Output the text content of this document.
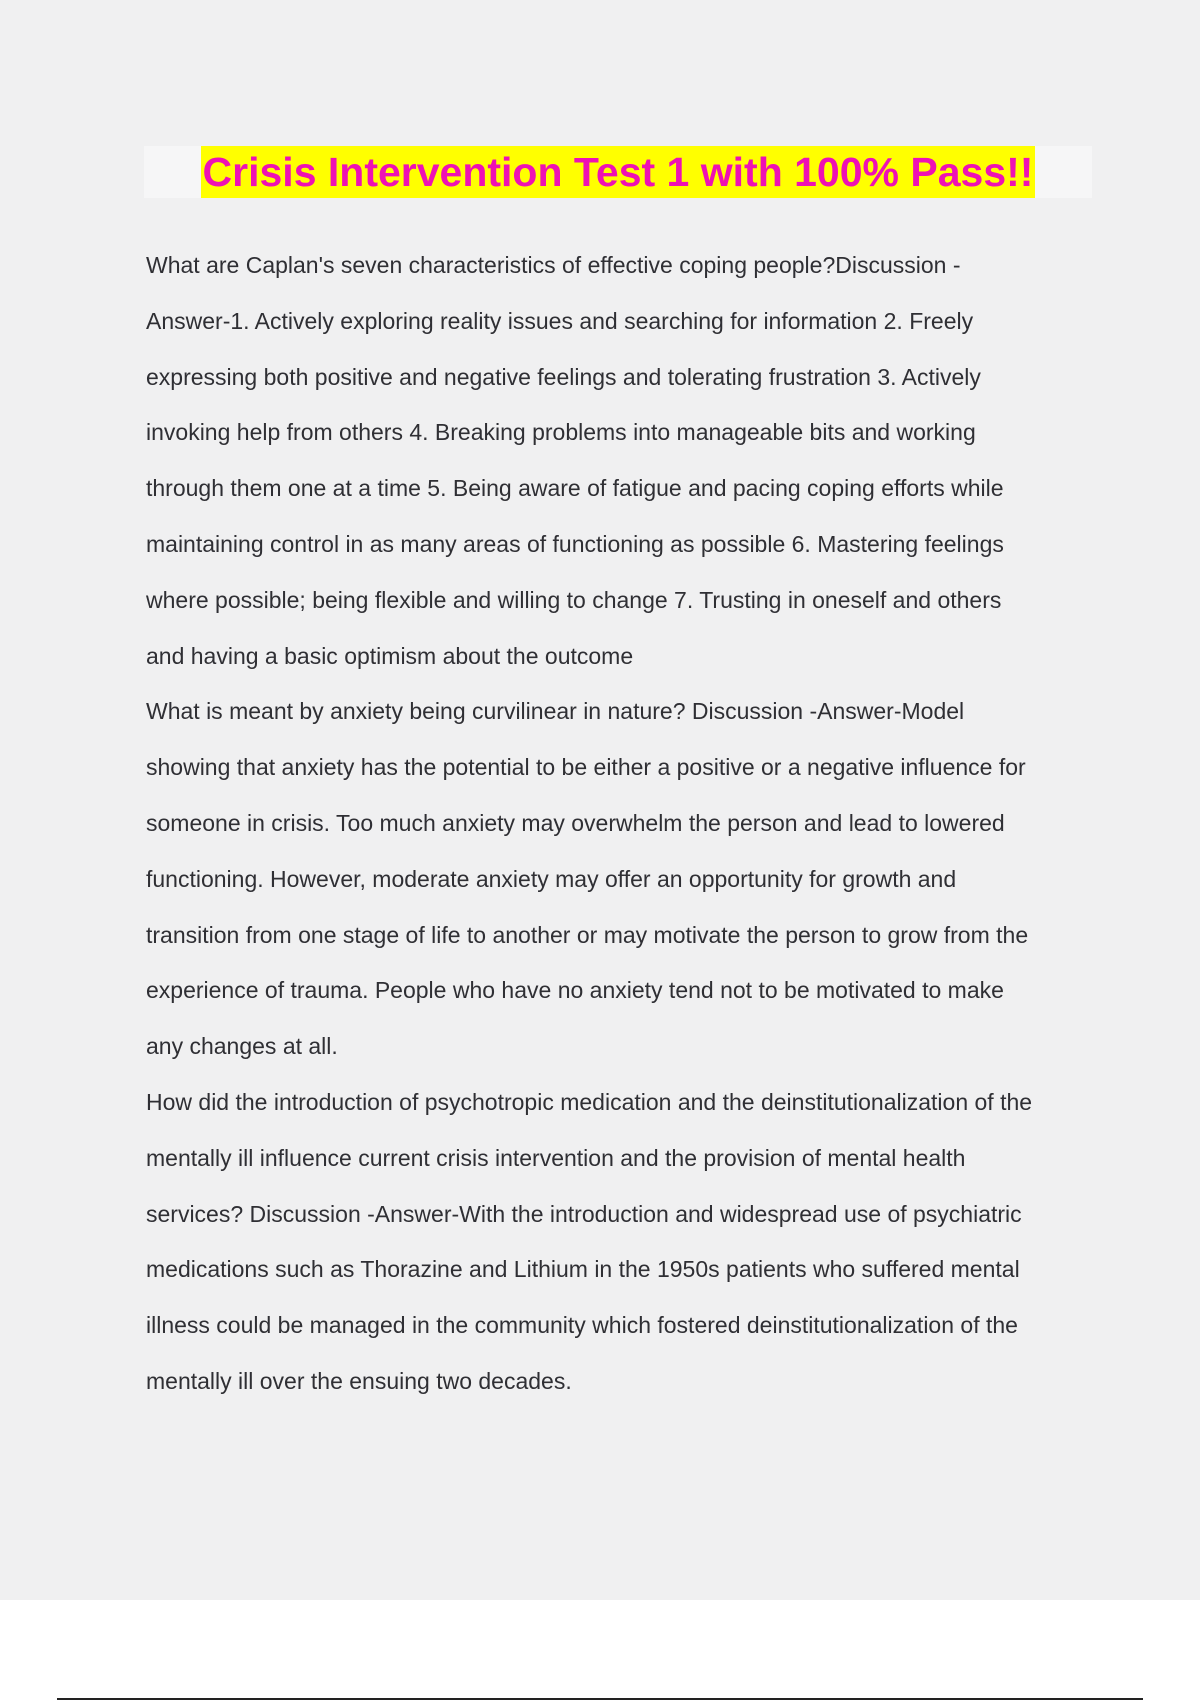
Crisis Intervention Test 1 with 100% Pass!!
What are Caplan's seven characteristics of effective coping people?Discussion -
Answer-1. Actively exploring reality issues and searching for information 2. Freely
expressing both positive and negative feelings and tolerating frustration 3. Actively
invoking help from others 4. Breaking problems into manageable bits and working
through them one at a time 5. Being aware of fatigue and pacing coping efforts while
maintaining control in as many areas of functioning as possible 6. Mastering feelings
where possible; being flexible and willing to change 7. Trusting in oneself and others
and having a basic optimism about the outcome
What is meant by anxiety being curvilinear in nature? Discussion -Answer-Model
showing that anxiety has the potential to be either a positive or a negative influence for
someone in crisis. Too much anxiety may overwhelm the person and lead to lowered
functioning. However, moderate anxiety may offer an opportunity for growth and
transition from one stage of life to another or may motivate the person to grow from the
experience of trauma. People who have no anxiety tend not to be motivated to make
any changes at all.
How did the introduction of psychotropic medication and the deinstitutionalization of the
mentally ill influence current crisis intervention and the provision of mental health
services? Discussion -Answer-With the introduction and widespread use of psychiatric
medications such as Thorazine and Lithium in the 1950s patients who suffered mental
illness could be managed in the community which fostered deinstitutionalization of the
mentally ill over the ensuing two decades.
